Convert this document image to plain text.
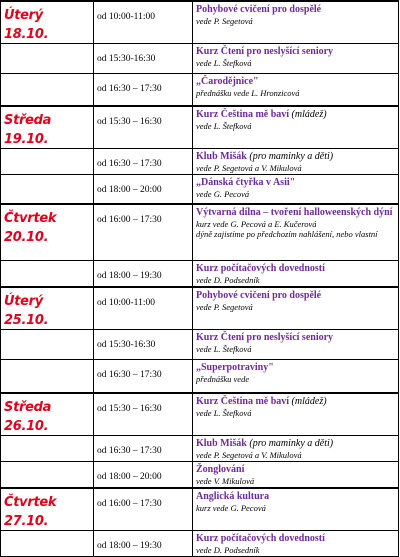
Úterý 18.10.	od 10:00-11:00	Pohybové cvičení pro dospělé
vede P. Segetová

	od 15:30-16:30	Kurz Čtení pro neslyšící seniory
vede L. Štefková

	od 16:30 – 17:30	„Čarodějnice"
přednášku vede L. Hronzicová

Středa 19.10.	od 15:30 – 16:30	Kurz Čeština mě baví (mládež)
vede L. Štefková

	od 16:30 – 17:30	Klub Mišák (pro maminky a děti)
vede P. Segetová a V. Mikulová

	od 18:00 – 20:00	„Dánská čtyřka v Asii"
vede G. Pecová

Čtvrtek 20.10.	od 16:00 – 17:30	Výtvarná dílna – tvoření halloweenských dýní
kurz vede G. Pecová a E. Kučerová
dýně zajistíme po předchozím nahlášení, nebo vlastní

	od 18:00 – 19:30	Kurz počítačových dovedností
vede D. Podsedník

Úterý 25.10.	od 10:00-11:00	Pohybové cvičení pro dospělé
vede P. Segetová

	od 15:30-16:30	Kurz Čtení pro neslyšící seniory
vede L. Štefková

	od 16:30 – 17:30	„Superpotraviny"
přednášku vede

Středa 26.10.	od 15:30 – 16:30	Kurz Čeština mě baví (mládež)
vede L. Štefková

	od 16:30 – 17:30	Klub Mišák (pro maminky a děti)
vede P. Segetová a V. Mikulová

	od 18:00 – 20:00	Žonglování
vede V. Mikulová

Čtvrtek 27.10.	od 16:00 – 17:30	Anglická kultura
kurz vede G. Pecová

	od 18:00 – 19:30	Kurz počítačových dovedností
vede D. Podsedník
